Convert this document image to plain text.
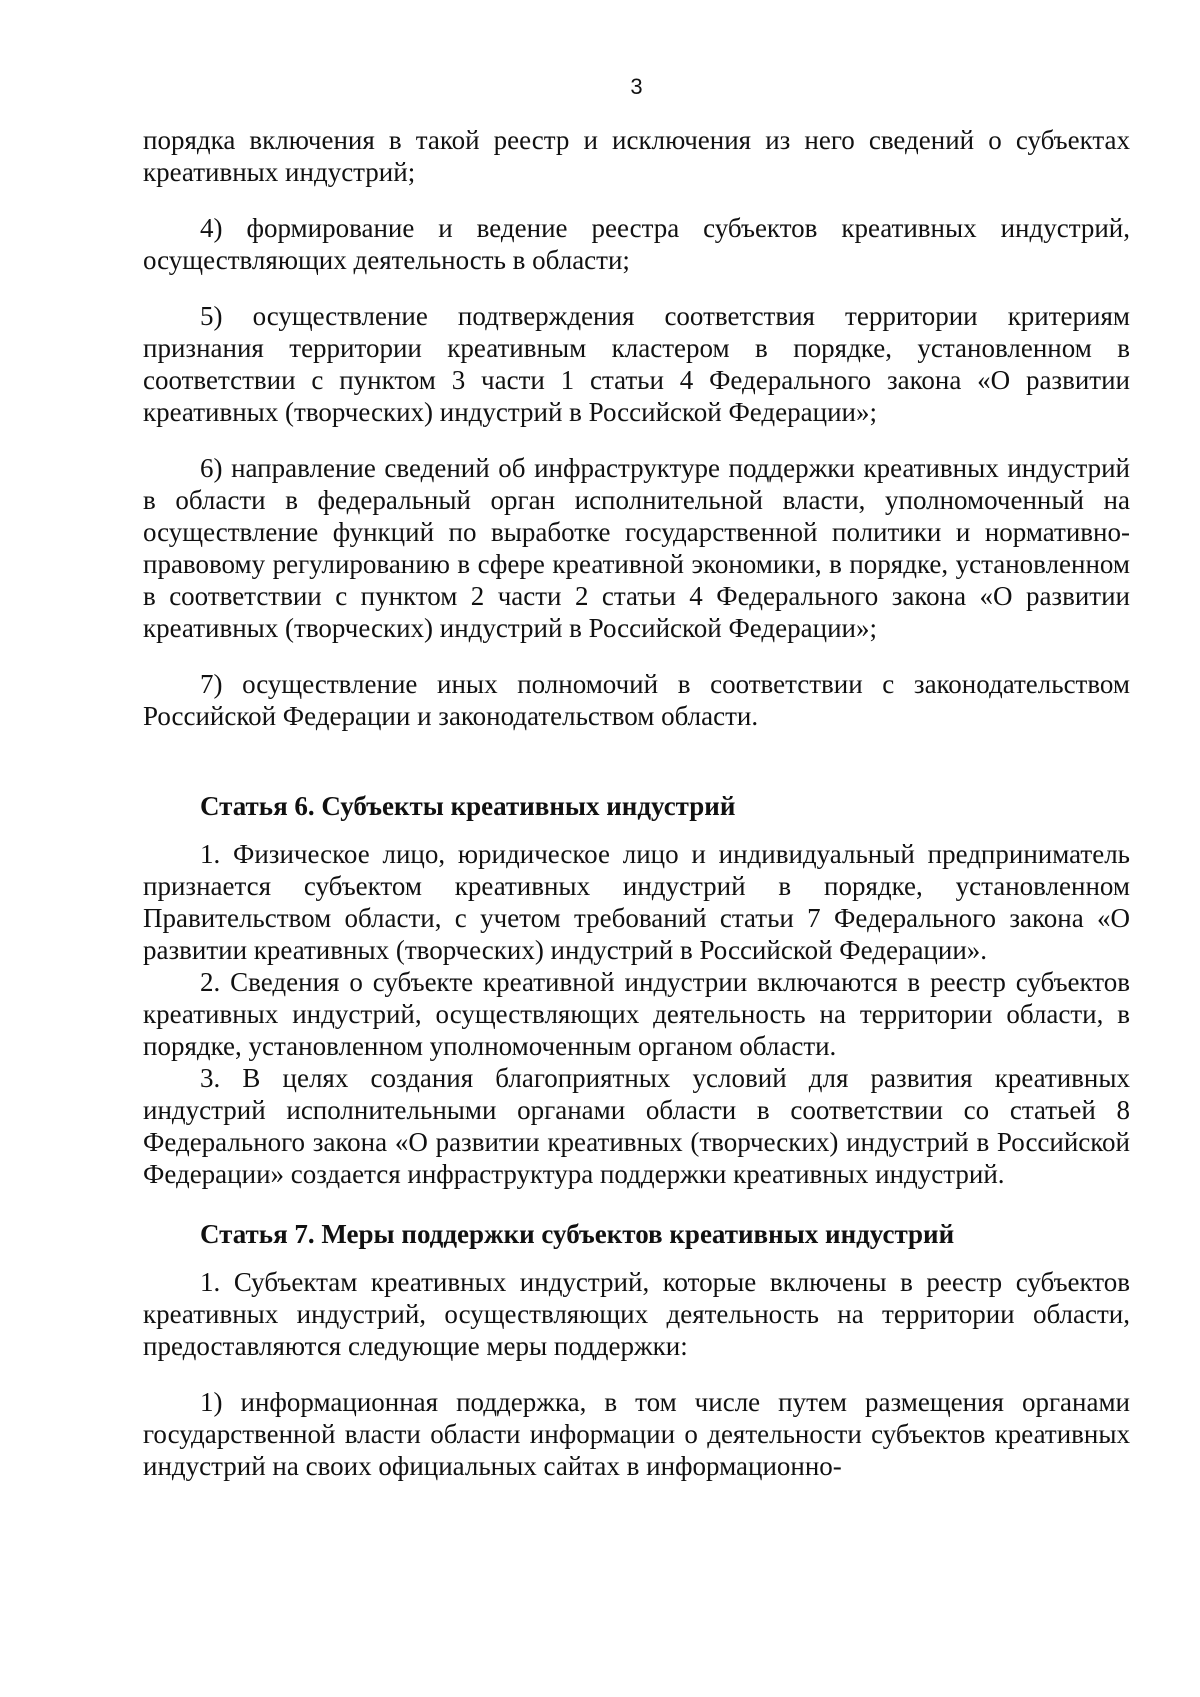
3

порядка включения в такой реестр и исключения из него сведений о субъектах креативных индустрий;

4) формирование и ведение реестра субъектов креативных индустрий, осуществляющих деятельность в области;

5) осуществление подтверждения соответствия территории критериям признания территории креативным кластером в порядке, установленном в соответствии с пунктом 3 части 1 статьи 4 Федерального закона «О развитии креативных (творческих) индустрий в Российской Федерации»;

6) направление сведений об инфраструктуре поддержки креативных индустрий в области в федеральный орган исполнительной власти, уполномоченный на осуществление функций по выработке государственной политики и нормативно-правовому регулированию в сфере креативной экономики, в порядке, установленном в соответствии с пунктом 2 части 2 статьи 4 Федерального закона «О развитии креативных (творческих) индустрий в Российской Федерации»;

7) осуществление иных полномочий в соответствии с законодательством Российской Федерации и законодательством области.

Статья 6. Субъекты креативных индустрий

1. Физическое лицо, юридическое лицо и индивидуальный предприниматель признается субъектом креативных индустрий в порядке, установленном Правительством области, с учетом требований статьи 7 Федерального закона «О развитии креативных (творческих) индустрий в Российской Федерации».

2. Сведения о субъекте креативной индустрии включаются в реестр субъектов креативных индустрий, осуществляющих деятельность на территории области, в порядке, установленном уполномоченным органом области.

3. В целях создания благоприятных условий для развития креативных индустрий исполнительными органами области в соответствии со статьей 8 Федерального закона «О развитии креативных (творческих) индустрий в Российской Федерации» создается инфраструктура поддержки креативных индустрий.

Статья 7. Меры поддержки субъектов креативных индустрий

1. Субъектам креативных индустрий, которые включены в реестр субъектов креативных индустрий, осуществляющих деятельность на территории области, предоставляются следующие меры поддержки:

1) информационная поддержка, в том числе путем размещения органами государственной власти области информации о деятельности субъектов креативных индустрий на своих официальных сайтах в информационно-
